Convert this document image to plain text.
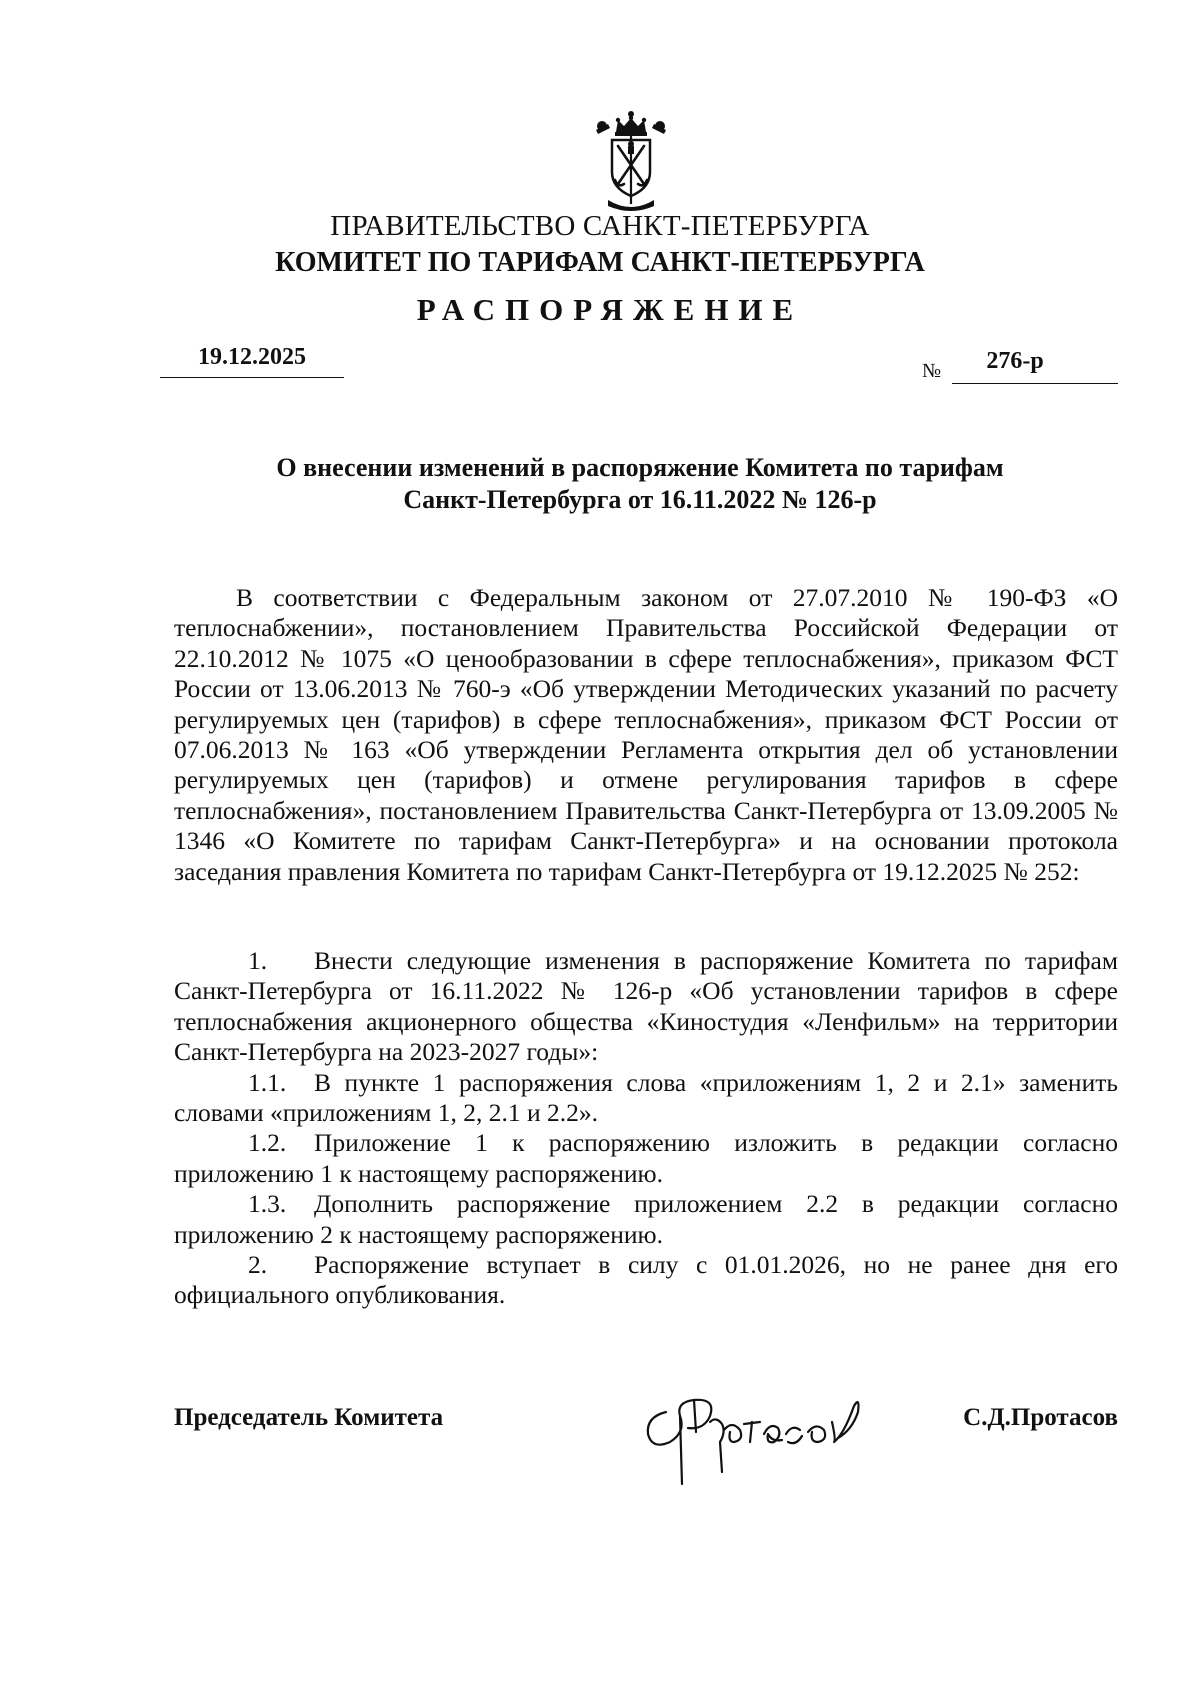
ПРАВИТЕЛЬСТВО САНКТ-ПЕТЕРБУРГА
КОМИТЕТ ПО ТАРИФАМ САНКТ-ПЕТЕРБУРГА
РАСПОРЯЖЕНИЕ
19.12.2025
№	276-р
О внесении изменений в распоряжение Комитета по тарифам
Санкт-Петербурга от 16.11.2022 № 126-р
В соответствии с Федеральным законом от 27.07.2010 № 190-ФЗ «О теплоснабжении», постановлением Правительства Российской Федерации от 22.10.2012 № 1075 «О ценообразовании в сфере теплоснабжения», приказом ФСТ России от 13.06.2013 № 760-э «Об утверждении Методических указаний по расчету регулируемых цен (тарифов) в сфере теплоснабжения», приказом ФСТ России от 07.06.2013 № 163 «Об утверждении Регламента открытия дел об установлении регулируемых цен (тарифов) и отмене регулирования тарифов в сфере теплоснабжения», постановлением Правительства Санкт-Петербурга от 13.09.2005 № 1346 «О Комитете по тарифам Санкт-Петербурга» и на основании протокола заседания правления Комитета по тарифам Санкт-Петербурга от 19.12.2025 № 252:

1. Внести следующие изменения в распоряжение Комитета по тарифам Санкт-Петербурга от 16.11.2022 № 126-р «Об установлении тарифов в сфере теплоснабжения акционерного общества «Киностудия «Ленфильм» на территории Санкт-Петербурга на 2023-2027 годы»:

1.1. В пункте 1 распоряжения слова «приложениям 1, 2 и 2.1» заменить словами «приложениям 1, 2, 2.1 и 2.2».

1.2. Приложение 1 к распоряжению изложить в редакции согласно приложению 1 к настоящему распоряжению.

1.3. Дополнить распоряжение приложением 2.2 в редакции согласно приложению 2 к настоящему распоряжению.

2. Распоряжение вступает в силу с 01.01.2026, но не ранее дня его официального опубликования.

Председатель Комитета	С.Д.Протасов
